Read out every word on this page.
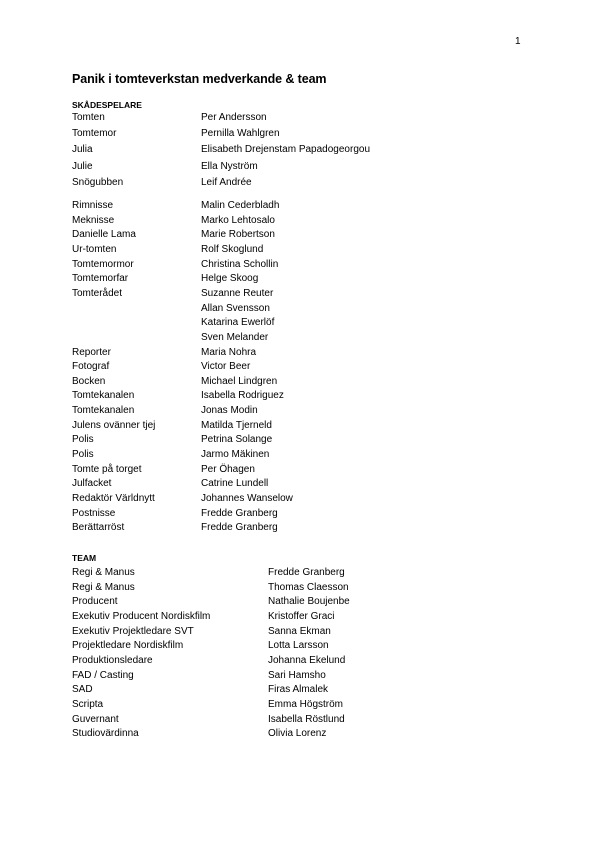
1
Panik i tomteverkstan medverkande & team
SKÅDESPELARE
Tomten	Per Andersson
Tomtemor	Pernilla Wahlgren
Julia	Elisabeth Drejenstam Papadogeorgou
Julie	Ella Nyström
Snögubben	Leif Andrée
Rimnisse	Malin Cederbladh
Meknisse	Marko Lehtosalo
Danielle Lama	Marie Robertson
Ur-tomten	Rolf Skoglund
Tomtemormor	Christina Schollin
Tomtemorfar	Helge Skoog
Tomterådet	Suzanne Reuter
Allan Svensson
Katarina Ewerlöf
Sven Melander
Reporter	Maria Nohra
Fotograf	Victor Beer
Bocken	Michael Lindgren
Tomtekanalen	Isabella Rodriguez
Tomtekanalen	Jonas Modin
Julens ovänner tjej	Matilda Tjerneld
Polis	Petrina Solange
Polis	Jarmo Mäkinen
Tomte på torget	Per Öhagen
Julfacket	Catrine Lundell
Redaktör Världnytt	Johannes Wanselow
Postnisse	Fredde Granberg
Berättarröst	Fredde Granberg
TEAM
Regi & Manus	Fredde Granberg
Regi & Manus	Thomas Claesson
Producent	Nathalie Boujenbe
Exekutiv Producent Nordiskfilm	Kristoffer Graci
Exekutiv Projektledare SVT	Sanna Ekman
Projektledare Nordiskfilm	Lotta Larsson
Produktionsledare	Johanna Ekelund
FAD / Casting	Sari Hamsho
SAD	Firas Almalek
Scripta	Emma Högström
Guvernant	Isabella Röstlund
Studiovärdinna	Olivia Lorenz
